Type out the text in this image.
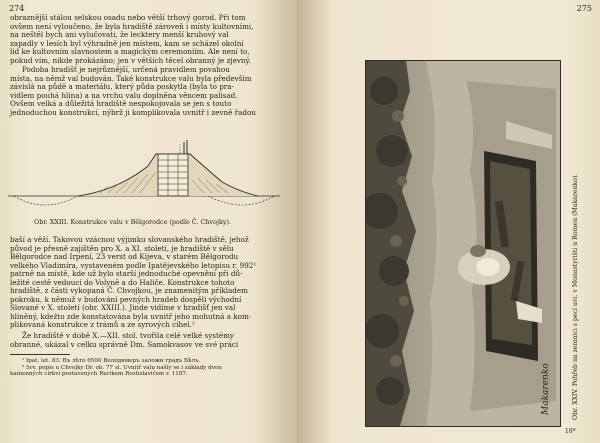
274

obraznější stálou selskou osadu nebo větší trhový gorod. Při tom

ovšem není vyloučeno, že byla hradiště zároveň i místy kultovními,

na neštěl bych ani vylučovati, že lecktery menší kruhový val

zapadly v lesích byl výhradně jen místem, kam se scházel okolní

lid ke kultovním slavnostem a magickým ceremoniím. Ale není to,

pokud vím, nikde prokázáno; jen v větších těcel obranný je zjevný.

Podoba hradišť je nejrůznější, určená pravidlem povahou

místa, na němž val budován. Také konstrukce valu byla především

závislá na půdě a materiálu, který půda poskytla (byla to pra-

vidlem pouhá hlína) a na vrchu valu doplněna věncem palisad.

Ovšem velká a důležitá hradiště nespokojovala se jen s touto

jednoduchou konstrukcí, nýbrž ji komplikovala uvnitř i zevně řadou

Obr. XXIII. Konstrukce valu v Bělgorodce (podle Č. Chvojky).

baší a věží. Takovou vzácnou výjimku slovanského hradiště, jehož

původ je přesně zajištěn pro X. a XI. století, je hradiště v sělu

Bělgorodce nad Irpení, 23 verst od Kijeva, v starém Bělgorodu

velkého Vladimíra, vystaveném podle Ipatějevského letopisu r. 992¹

patrně na místě, kde už bylo starší jednoduché opevnění při dů-

ležité cestě vedoucí do Volyně a do Haliče. Konstrukce tohoto

hradiště, z části vykopaná Č. Chvojkou, je znamenitým příkladem

pokroku, k němuž v budování pevných hradeb dospěli východní

Slované v X. století (obr. XXIII.). Jinde vidíme v hradišť jen val

hliněný, kdežto zde konstatována byla uvnitř jeho mohutná a kom-

plikovaná konstrukce z trámů a ze syrových cihel.²

Že hradiště v době X.—XII. stol. tvořila celé velké systémy

obranné, ukázal v celku správně Dm. Samokvasov ve své práci

¹ Ipat. let. 83: Въ лѣто 6500 Володимеръ заложи градъ Бѣлъ.

² Srv. popis u Chvojky Dr. ob. 77 sl. Uvnitř valu našly se i základy dvou

kamenných církví postavených Rurikem Rostislavičem r. 1187.

275
Makarenko	Obr. XXIV. Pohřeb na zemnici s pecí uvi. v Monastyrišti u Romen (Makarenko).
18*
